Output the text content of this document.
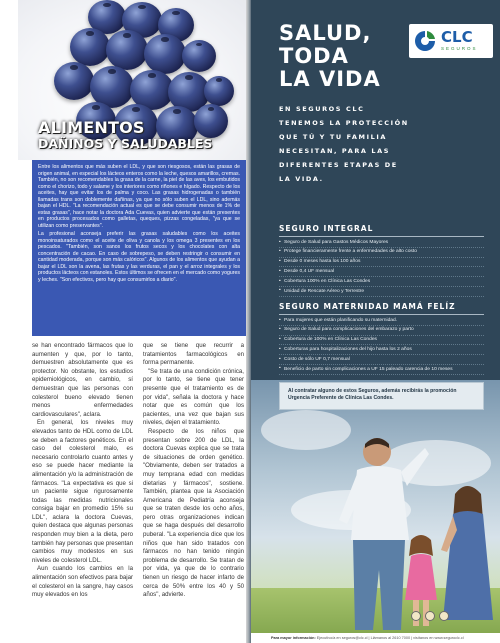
ALIMENTOS
DAÑINOS Y SALUDABLES

Entre los alimentos que más suben el LDL, y que son riesgosos, están las grasas de origen animal, en especial los lácteos enteros como la leche, quesos amarillos, cremas. También, no son recomendables la grasa de la carne, la piel de las aves, los embutidos como el chorizo, todo y salame y los interiores como riñones e hígado. Respecto de los aceites, hay que evitar los de palma y coco. Las grasas hidrogenadas o también llamadas trans son doblemente dañinas, ya que no sólo suben el LDL, sino además bajan el HDL. "La recomendación actual es que se debe consumir menos de 1% de estas grasas", hace notar la doctora Ada Cuevas, quien advierte que están presentes en productos procesados como galletas, queques, pizzas congeladas, "ya que se utilizan como preservantes".

La profesional aconseja preferir las grasas saludables como los aceites monoinsaturados como el aceite de oliva y canola y los omega 3 presentes en los pescados. "También, son sanos los frutos secos y los chocolates con alta concentración de cacao. En caso de sobrepeso, se deben restringir o consumir en cantidad moderada, porque son más calóricos". Algunos de los alimentos que ayudan a bajar el LDL son la avena, las frutas y las verduras, el pan y el arroz integrales y los productos lácteos con estanoles. Estos últimos se ofrecen en el mercado como yogures y leches. "Son efectivos, pero hay que consumirlos a diario".

se han encontrado fármacos que lo aumenten y que, por lo tanto, demuestren absolutamente que es protector. No obstante, los estudios epidemiológicos, en cambio, sí demuestran que las personas con colesterol bueno elevado tienen menos enfermedades cardiovasculares", aclara.

En general, los niveles muy elevados tanto de HDL como de LDL se deben a factores genéticos. En el caso del colesterol malo, es necesario controlarlo cuanto antes y eso se puede hacer mediante la alimentación y/o la administración de fármacos. "La expectativa es que si un paciente sigue rigurosamente todas las medidas nutricionales consiga bajar en promedio 15% su LDL", aclara la doctora Cuevas, quien destaca que algunas personas responden muy bien a la dieta, pero también hay personas que presentan cambios muy modestos en sus niveles de colesterol LDL.

Aun cuando los cambios en la alimentación son efectivos para bajar el colesterol en la sangre, hay casos muy elevados en los

que se tiene que recurrir a tratamientos farmacológicos en forma permanente.

"Se trata de una condición crónica, por lo tanto, se tiene que tener presente que el tratamiento es de por vida", señala la doctora y hace notar que es común que los pacientes, una vez que bajan sus niveles, dejen el tratamiento.

Respecto de los niños que presentan sobre 200 de LDL, la doctora Cuevas explica que se trata de situaciones de orden genético. "Obviamente, deben ser tratados a muy temprana edad con medidas dietarias y fármacos", sostiene. También, plantea que la Asociación Americana de Pediatría aconseja que se traten desde los ocho años, pero otras organizaciones indican que se haga después del desarrollo puberal. "La experiencia dice que los niños que han sido tratados con fármacos no han tenido ningún problema de desarrollo. Se tratan de por vida, ya que de lo contrario tienen un riesgo de hacer infarto de cerca de 50% entre los 40 y 50 años", advierte.

SALUD,
TODA
LA VIDA
CLC
SEGUROS
EN SEGUROS CLC
TENEMOS LA PROTECCIÓN
QUE TÚ Y TU FAMILIA
NECESITAN, PARA LAS
DIFERENTES ETAPAS DE
LA VIDA.
SEGURO INTEGRAL
• Seguro de Salud para Gastos Médicos Mayores
• Protege financieramente frente a enfermedades de alto costo
• Desde 0 meses hasta los 100 años
• Desde 0,4 UF mensual
• Cobertura 100% en Clínica Las Condes
• Unidad de Rescate Aéreo y Terrestre
SEGURO MATERNIDAD MAMÁ FELÍZ
• Para mujeres que están planificando su maternidad.
• Seguro de Salud para complicaciones del embarazo y parto
• Cobertura de 100% en Clínica Las Condes
• Coberturas para hospitalizaciones del hijo hasta los 2 años
• Costo de sólo UF 0,7 mensual
• Beneficio de parto sin complicaciones a UF 15 paleado carencia de 10 meses
Al contratar alguno de estos Seguros, además recibirás la promoción Urgencia Preferente de Clínica Las Condes.
Para mayor información: Ejecutivo/a en seguros@clc.cl | Llámanos al 2610 7000 | visítanos en www.seguroclc.cl
